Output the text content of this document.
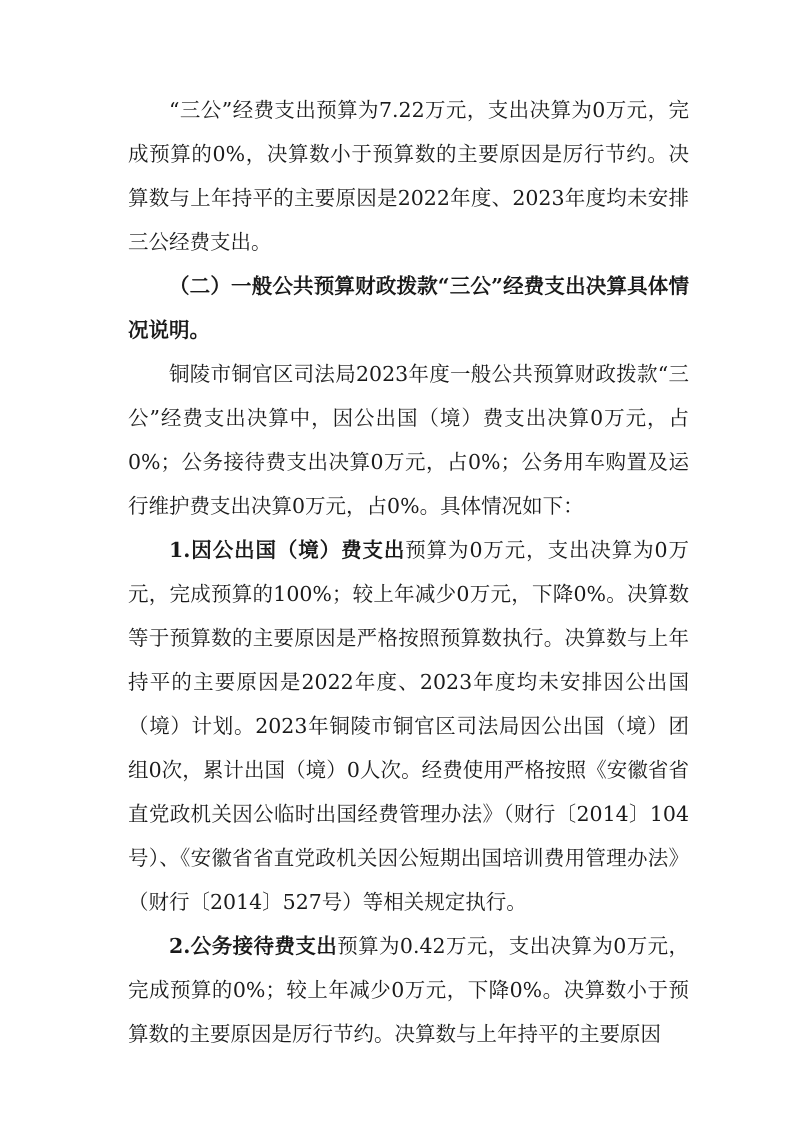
“三公”经费支出预算为7.22万元，支出决算为0万元，完成预算的0%，决算数小于预算数的主要原因是厉行节约。决算数与上年持平的主要原因是2022年度、2023年度均未安排三公经费支出。

（二）一般公共预算财政拨款“三公”经费支出决算具体情况说明。

铜陵市铜官区司法局2023年度一般公共预算财政拨款“三公”经费支出决算中，因公出国（境）费支出决算0万元，占0%；公务接待费支出决算0万元，占0%；公务用车购置及运行维护费支出决算0万元，占0%。具体情况如下：

1.因公出国（境）费支出预算为0万元，支出决算为0万元，完成预算的100%；较上年减少0万元，下降0%。决算数等于预算数的主要原因是严格按照预算数执行。决算数与上年持平的主要原因是2022年度、2023年度均未安排因公出国（境）计划。2023年铜陵市铜官区司法局因公出国（境）团组0次，累计出国（境）0人次。经费使用严格按照《安徽省省直党政机关因公临时出国经费管理办法》（财行〔2014〕104号）、《安徽省省直党政机关因公短期出国培训费用管理办法》（财行〔2014〕527号）等相关规定执行。

2.公务接待费支出预算为0.42万元，支出决算为0万元，完成预算的0%；较上年减少0万元，下降0%。决算数小于预算数的主要原因是厉行节约。决算数与上年持平的主要原因
